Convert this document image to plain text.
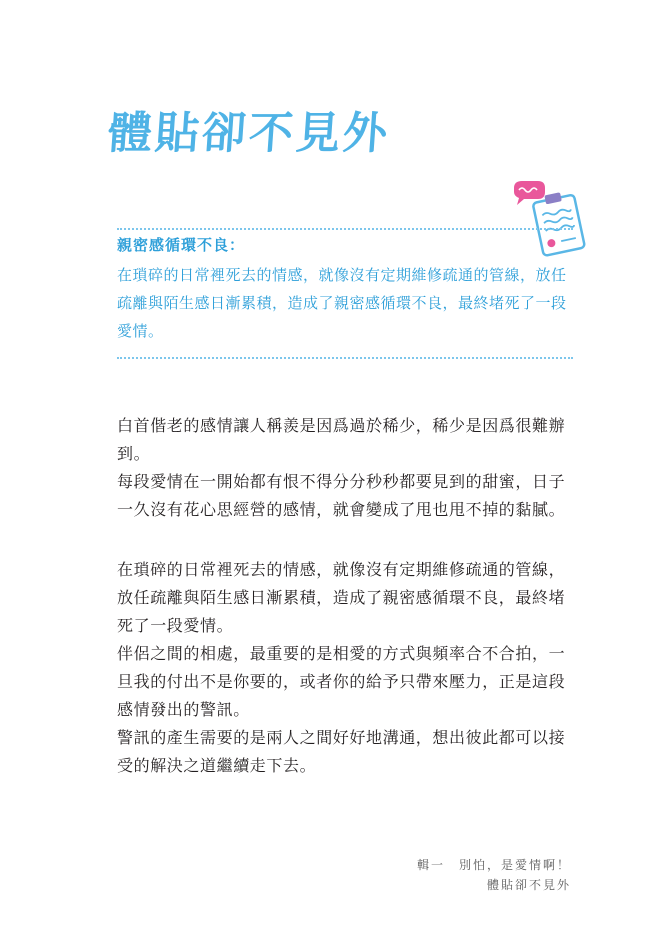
體貼卻不見外

親密感循環不良：

在瑣碎的日常裡死去的情感，就像沒有定期維修疏通的管線，放任疏離與陌生感日漸累積，造成了親密感循環不良，最終堵死了一段愛情。

白首偕老的感情讓人稱羨是因爲過於稀少，稀少是因爲很難辦到。

每段愛情在一開始都有恨不得分分秒秒都要見到的甜蜜，日子一久沒有花心思經營的感情，就會變成了甩也甩不掉的黏膩。

在瑣碎的日常裡死去的情感，就像沒有定期維修疏通的管線，放任疏離與陌生感日漸累積，造成了親密感循環不良，最終堵死了一段愛情。

伴侶之間的相處，最重要的是相愛的方式與頻率合不合拍，一旦我的付出不是你要的，或者你的給予只帶來壓力，正是這段感情發出的警訊。

警訊的產生需要的是兩人之間好好地溝通，想出彼此都可以接受的解決之道繼續走下去。

輯一　別怕，是愛情啊！
體貼卻不見外
